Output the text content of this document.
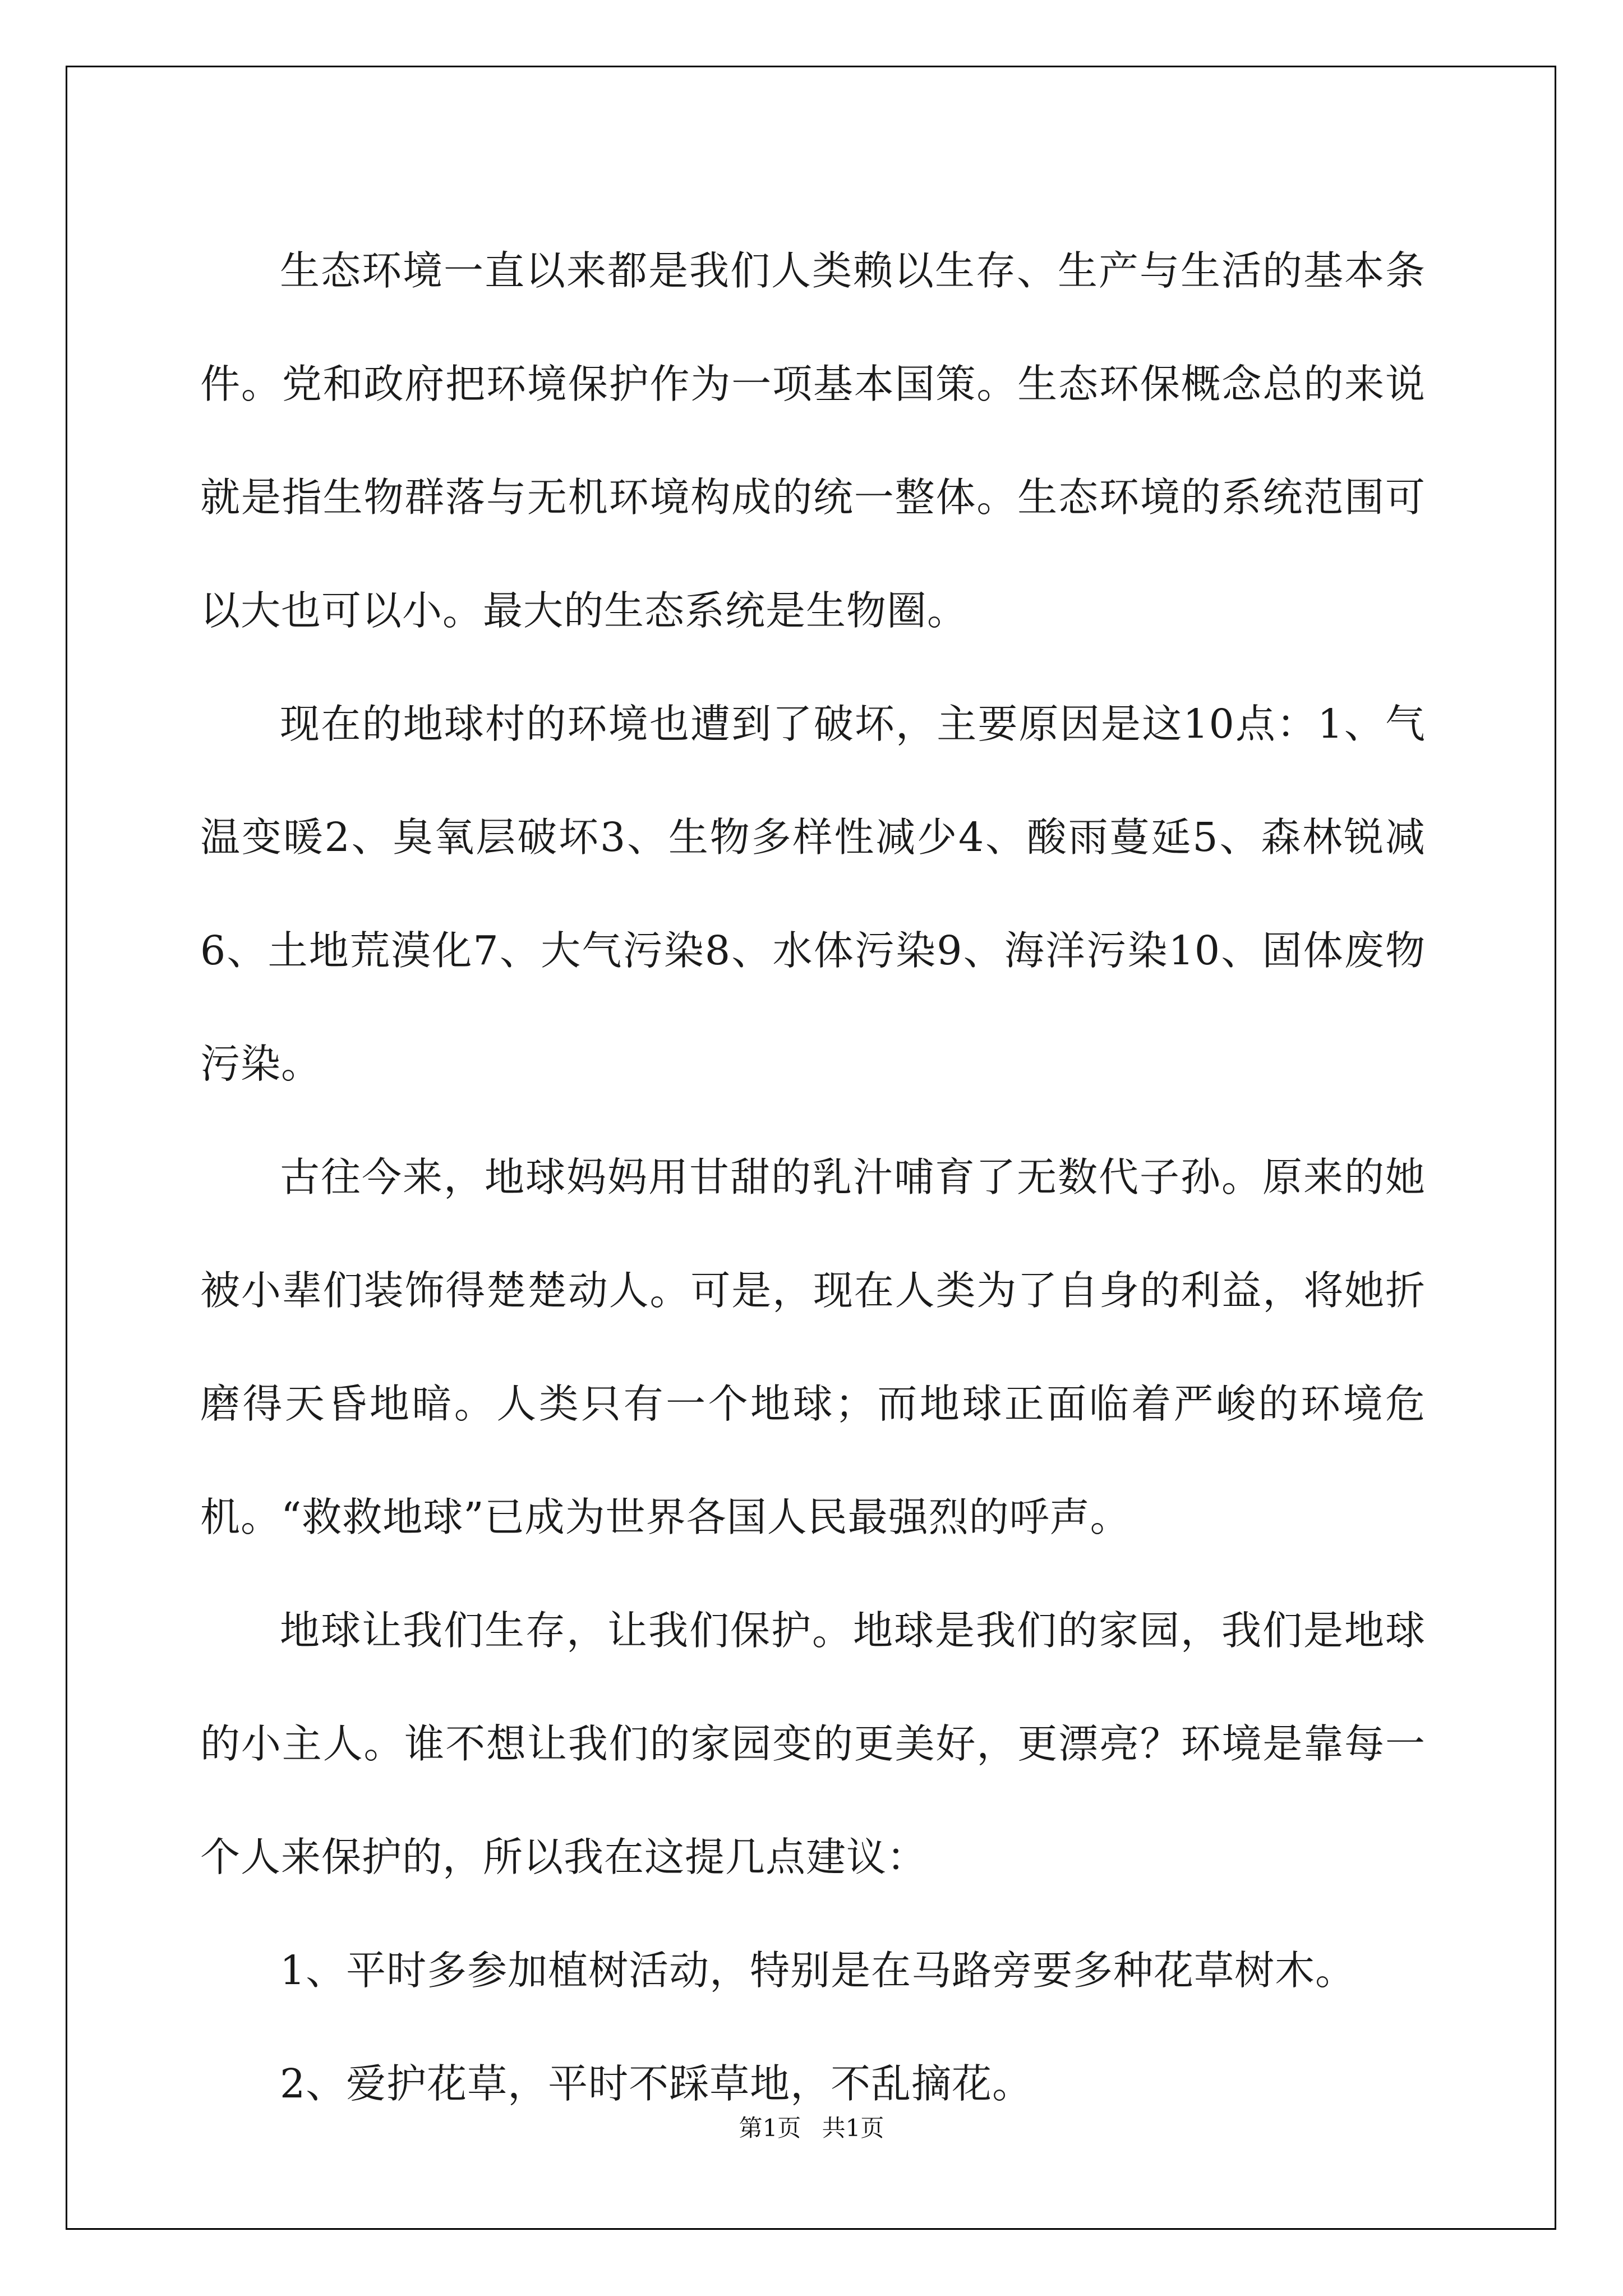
生态环境一直以来都是我们人类赖以生存、生产与生活的基本条件。党和政府把环境保护作为一项基本国策。生态环保概念总的来说就是指生物群落与无机环境构成的统一整体。生态环境的系统范围可以大也可以小。最大的生态系统是生物圈。

现在的地球村的环境也遭到了破坏，主要原因是这10点：1、气温变暖2、臭氧层破坏3、生物多样性减少4、酸雨蔓延5、森林锐减6、土地荒漠化7、大气污染8、水体污染9、海洋污染10、固体废物污染。

古往今来，地球妈妈用甘甜的乳汁哺育了无数代子孙。原来的她被小辈们装饰得楚楚动人。可是，现在人类为了自身的利益，将她折磨得天昏地暗。人类只有一个地球；而地球正面临着严峻的环境危机。“救救地球”已成为世界各国人民最强烈的呼声。

地球让我们生存，让我们保护。地球是我们的家园，我们是地球的小主人。谁不想让我们的家园变的更美好，更漂亮？环境是靠每一个人来保护的，所以我在这提几点建议：

1、平时多参加植树活动，特别是在马路旁要多种花草树木。

2、爱护花草，平时不踩草地，不乱摘花。

第1页 共1页
